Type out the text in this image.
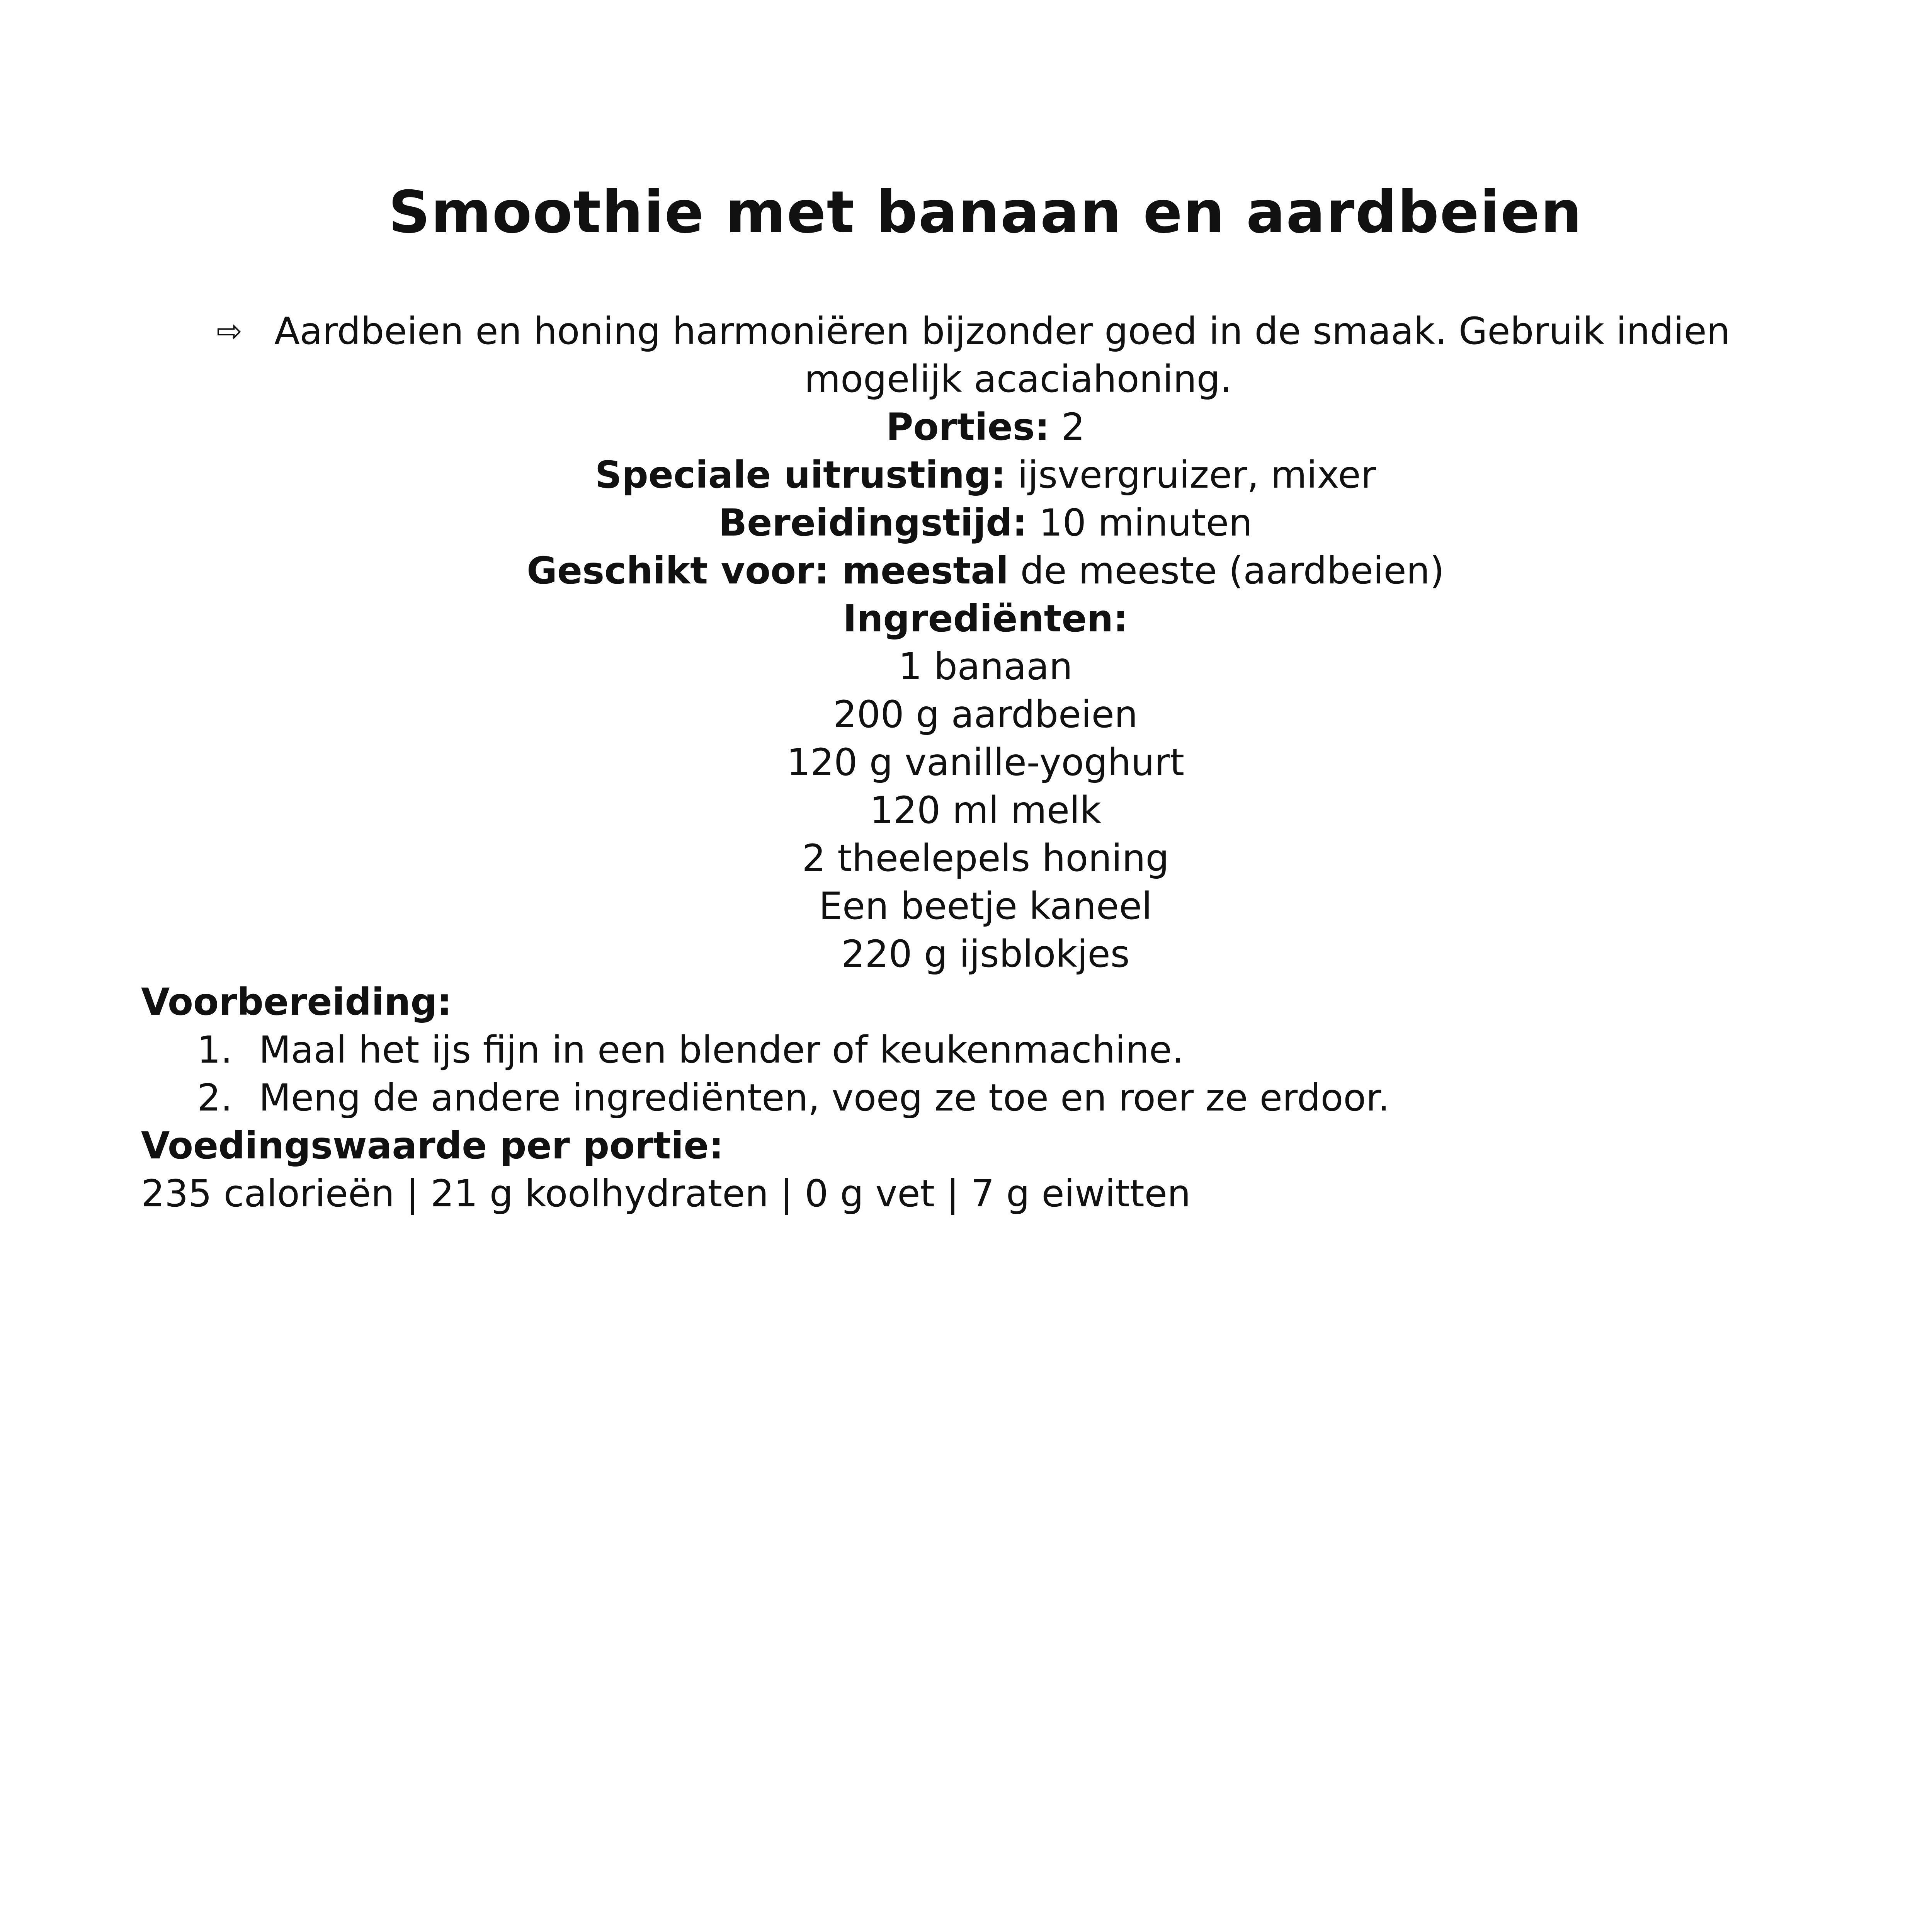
Smoothie met banaan en aardbeien
⇨ Aardbeien en honing harmoniëren bijzonder goed in de smaak. Gebruik indien
mogelijk acaciahoning.
Porties: 2
Speciale uitrusting: ijsvergruizer, mixer
Bereidingstijd: 10 minuten
Geschikt voor: meestal de meeste (aardbeien)
Ingrediënten:
1 banaan
200 g aardbeien
120 g vanille-yoghurt
120 ml melk
2 theelepels honing
Een beetje kaneel
220 g ijsblokjes
Voorbereiding:
1. Maal het ijs fijn in een blender of keukenmachine.
2. Meng de andere ingrediënten, voeg ze toe en roer ze erdoor.
Voedingswaarde per portie:
235 calorieën | 21 g koolhydraten | 0 g vet | 7 g eiwitten
